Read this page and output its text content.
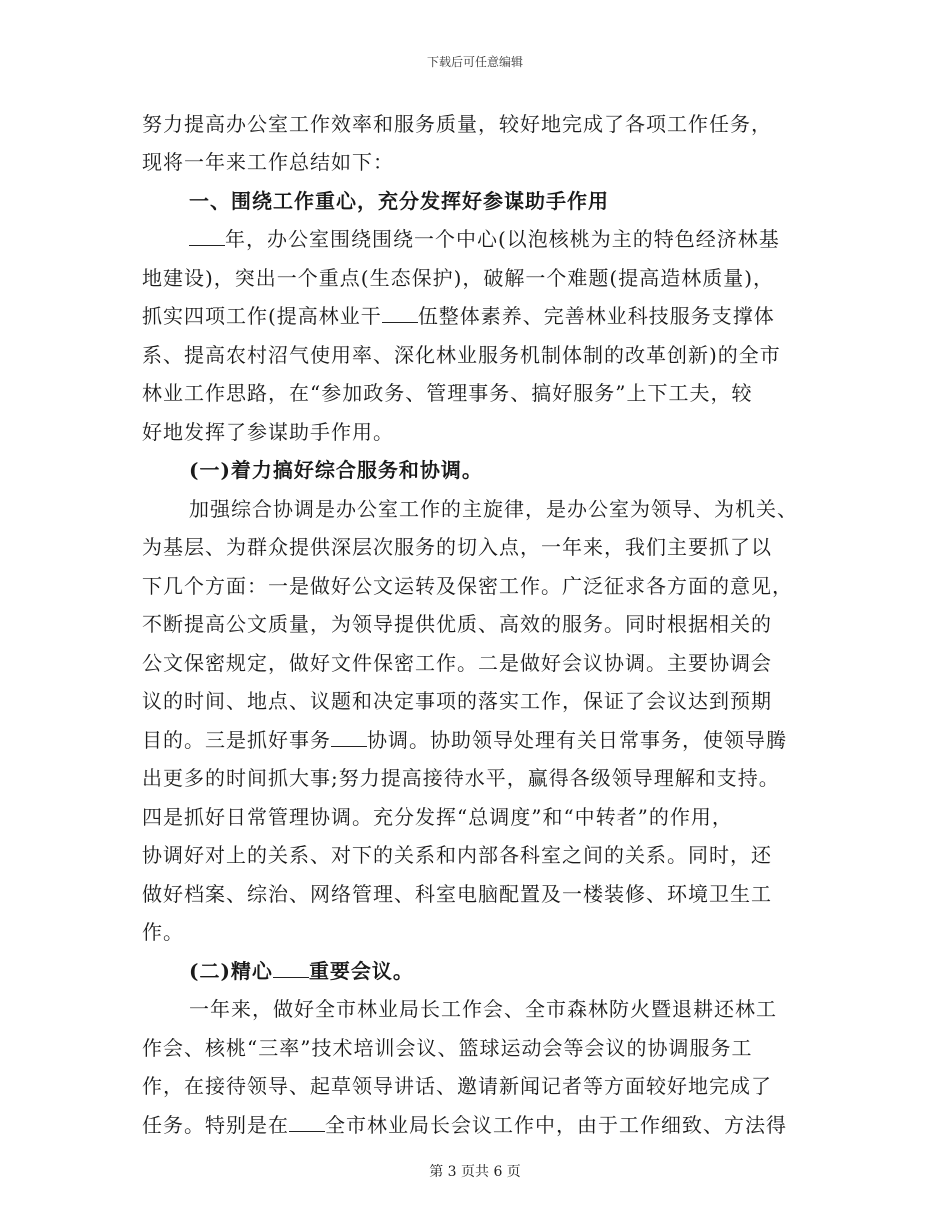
下载后可任意编辑
努力提高办公室工作效率和服务质量，较好地完成了各项工作任务，
现将一年来工作总结如下：
一、围绕工作重心，充分发挥好参谋助手作用
年，办公室围绕围绕一个中心(以泡核桃为主的特色经济林基
地建设)，突出一个重点(生态保护)，破解一个难题(提高造林质量)，
抓实四项工作(提高林业干 伍整体素养、完善林业科技服务支撑体
系、提高农村沼气使用率、深化林业服务机制体制的改革创新)的全市
林业工作思路，在“参加政务、管理事务、搞好服务”上下工夫，较
好地发挥了参谋助手作用。
(一)着力搞好综合服务和协调。
加强综合协调是办公室工作的主旋律，是办公室为领导、为机关、
为基层、为群众提供深层次服务的切入点，一年来，我们主要抓了以
下几个方面：一是做好公文运转及保密工作。广泛征求各方面的意见，
不断提高公文质量，为领导提供优质、高效的服务。同时根据相关的
公文保密规定，做好文件保密工作。二是做好会议协调。主要协调会
议的时间、地点、议题和决定事项的落实工作，保证了会议达到预期
目的。三是抓好事务 协调。协助领导处理有关日常事务，使领导腾
出更多的时间抓大事;努力提高接待水平，赢得各级领导理解和支持。
四是抓好日常管理协调。充分发挥“总调度”和“中转者”的作用，
协调好对上的关系、对下的关系和内部各科室之间的关系。同时，还
做好档案、综治、网络管理、科室电脑配置及一楼装修、环境卫生工
作。
(二)精心 重要会议。
一年来，做好全市林业局长工作会、全市森林防火暨退耕还林工
作会、核桃“三率”技术培训会议、篮球运动会等会议的协调服务工
作，在接待领导、起草领导讲话、邀请新闻记者等方面较好地完成了
任务。特别是在 全市林业局长会议工作中，由于工作细致、方法得
第 3 页共 6 页
